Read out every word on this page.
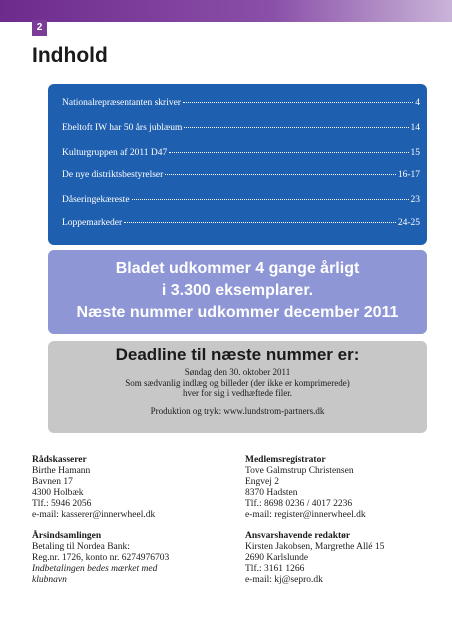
2
Indhold
Nationalrepræsentanten skriver	4
Ebeltoft IW har 50 års jublæum	14
Kulturgruppen af 2011 D47	15
De nye distriktsbestyrelser	16-17
Dåseringekæreste	23
Loppemarkeder	24-25
Bladet udkommer 4 gange årligt
i 3.300 eksemplarer.
Næste nummer udkommer december 2011
Deadline til næste nummer er:
Søndag den 30. oktober 2011
Som sædvanlig indlæg og billeder (der ikke er komprimerede)
hver for sig i vedhæftede filer.
Produktion og tryk: www.lundstrom-partners.dk
Rådskasserer
Birthe Hamann
Bavnen 17
4300 Holbæk
Tlf.: 5946 2056
e-mail: kasserer@innerwheel.dk
Årsindsamlingen
Betaling til Nordea Bank:
Reg.nr. 1726, konto nr. 6274976703
Indbetalingen bedes mærket med
klubnavn
Medlemsregistrator
Tove Galmstrup Christensen
Engvej 2
8370 Hadsten
Tlf.: 8698 0236 / 4017 2236
e-mail: register@innerwheel.dk
Ansvarshavende redaktør
Kirsten Jakobsen, Margrethe Allé 15
2690 Karlslunde
Tlf.: 3161 1266
e-mail: kj@sepro.dk
